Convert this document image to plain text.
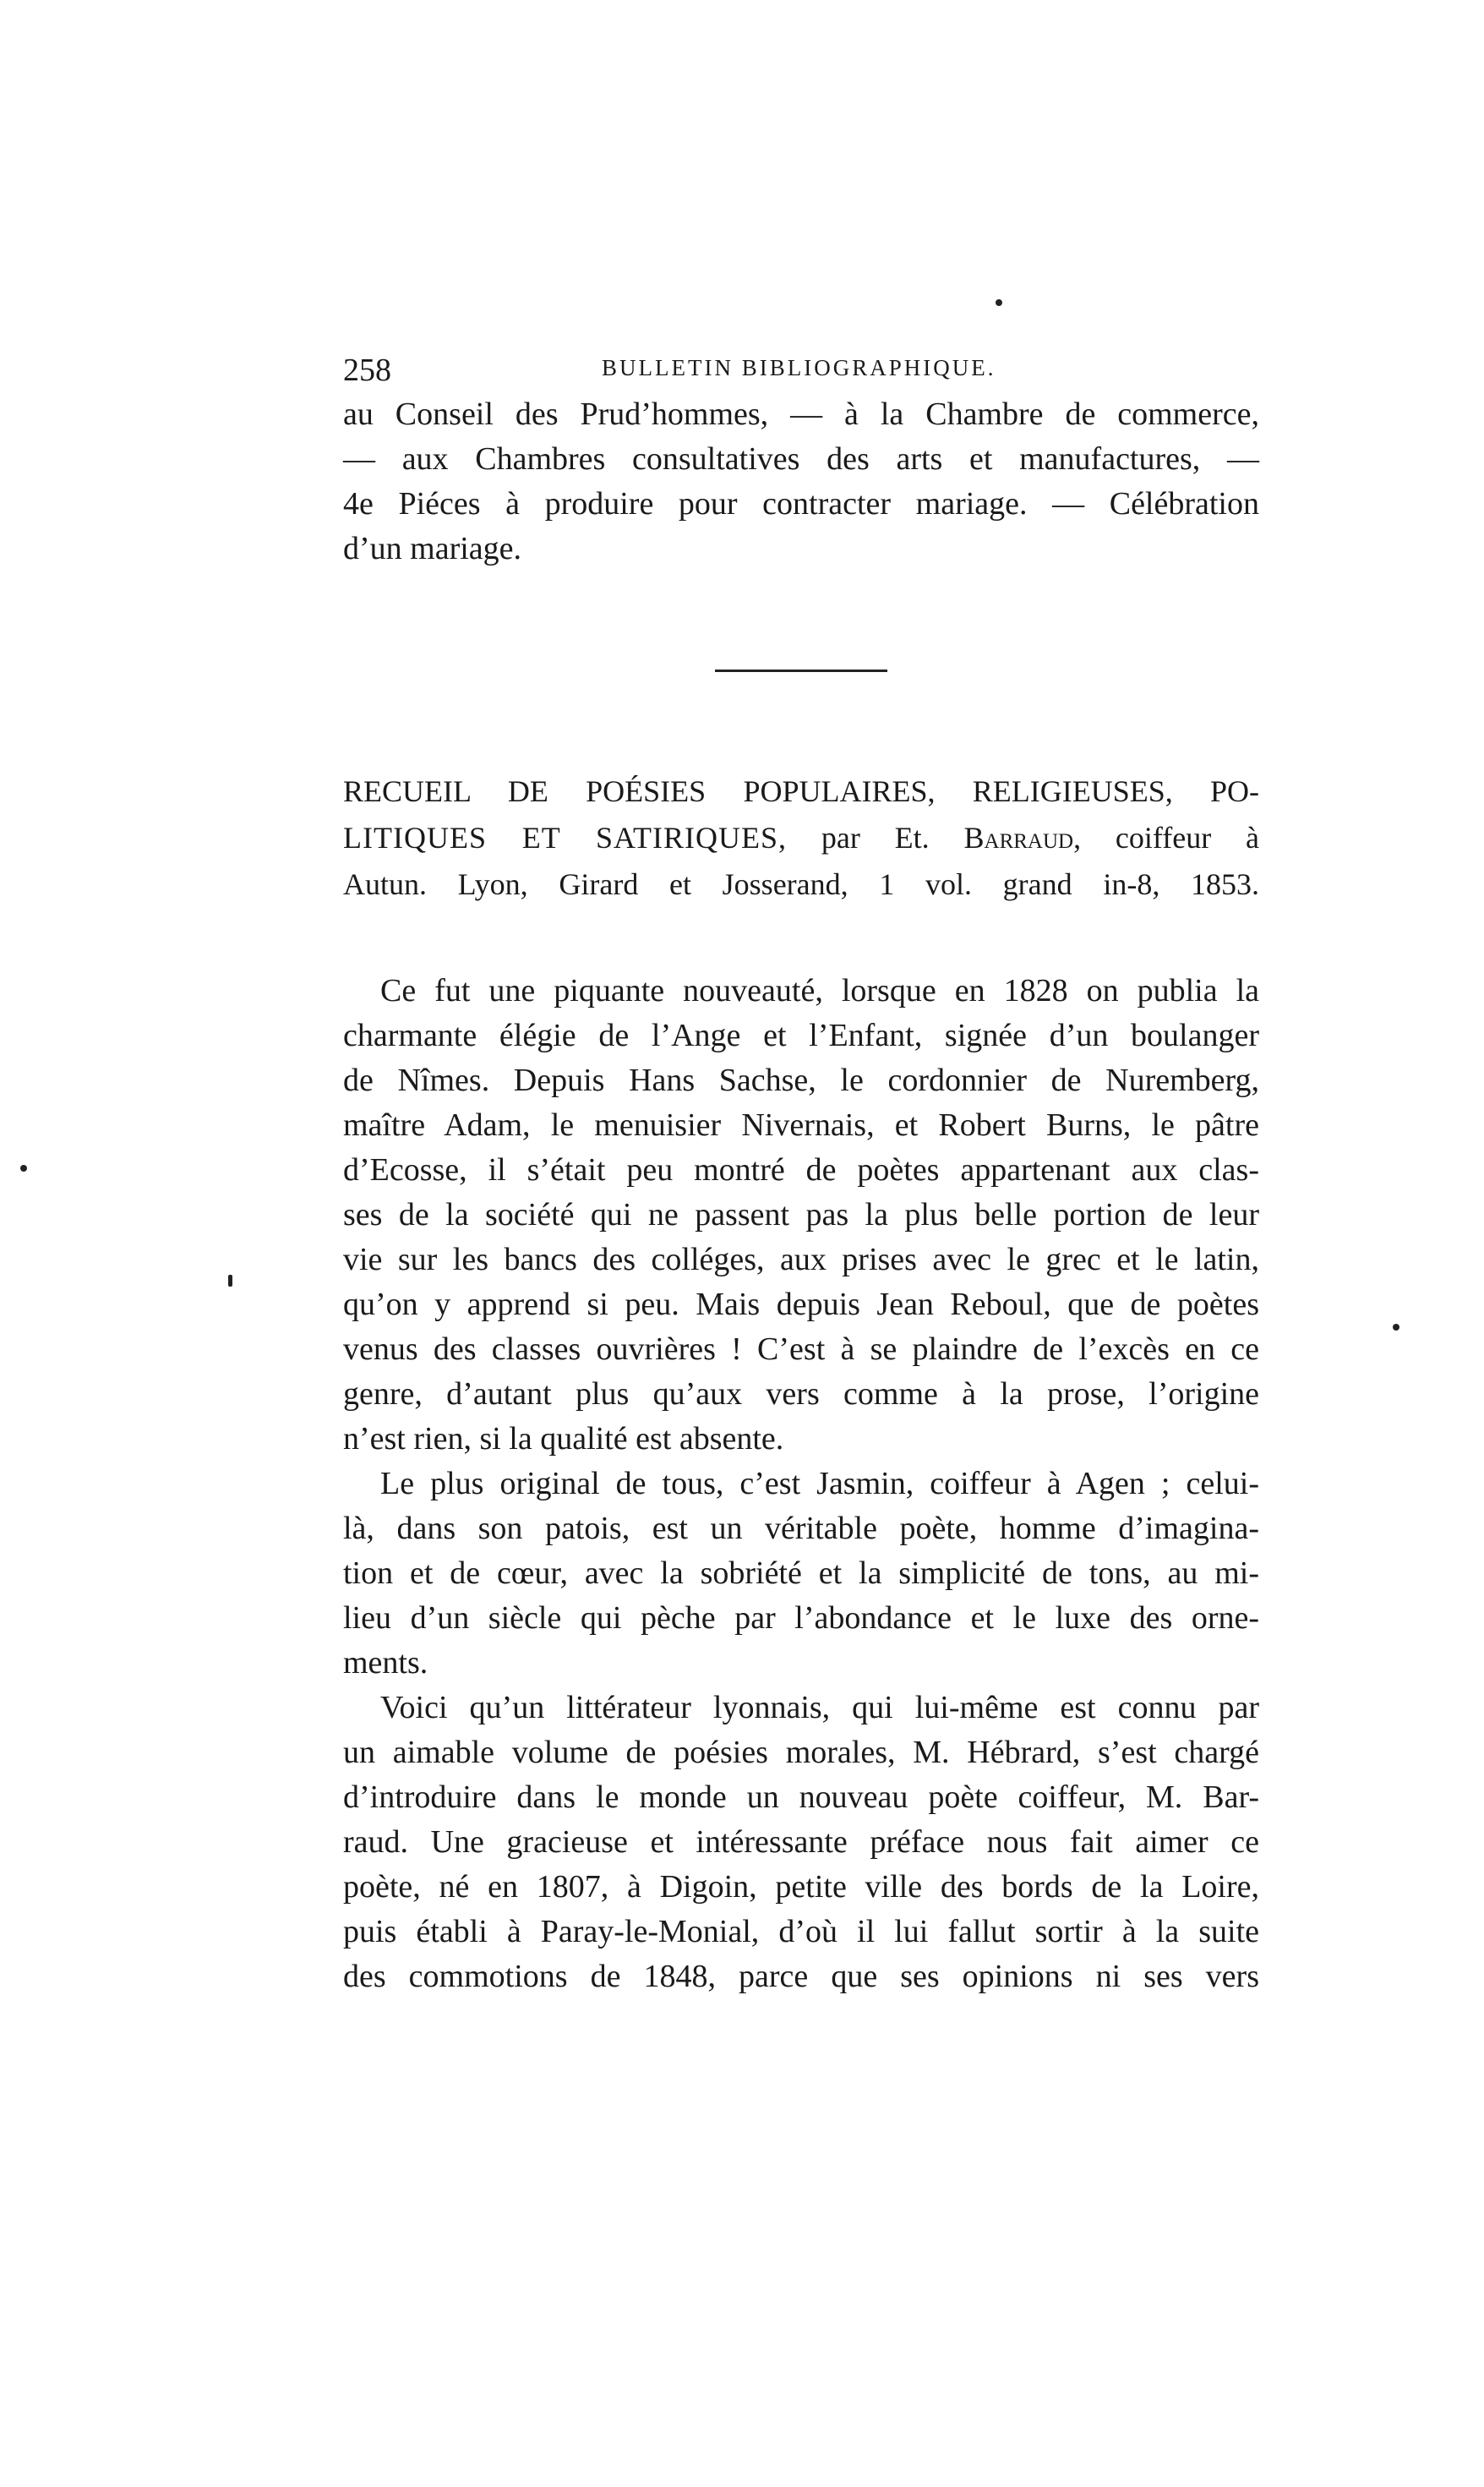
258	BULLETIN BIBLIOGRAPHIQUE.

au Conseil des Prud’hommes, — à la Chambre de commerce,

— aux Chambres consultatives des arts et manufactures, —

4e Piéces à produire pour contracter mariage. — Célébration

d’un mariage.

RECUEIL DE POÉSIES POPULAIRES, RELIGIEUSES, PO-

LITIQUES ET SATIRIQUES, par Et. Barraud, coiffeur à

Autun. Lyon, Girard et Josserand, 1 vol. grand in-8, 1853.

Ce fut une piquante nouveauté, lorsque en 1828 on publia la

charmante élégie de l’Ange et l’Enfant, signée d’un boulanger

de Nîmes. Depuis Hans Sachse, le cordonnier de Nuremberg,

maître Adam, le menuisier Nivernais, et Robert Burns, le pâtre

d’Ecosse, il s’était peu montré de poètes appartenant aux clas-

ses de la société qui ne passent pas la plus belle portion de leur

vie sur les bancs des colléges, aux prises avec le grec et le latin,

qu’on y apprend si peu. Mais depuis Jean Reboul, que de poètes

venus des classes ouvrières ! C’est à se plaindre de l’excès en ce

genre, d’autant plus qu’aux vers comme à la prose, l’origine

n’est rien, si la qualité est absente.

Le plus original de tous, c’est Jasmin, coiffeur à Agen ; celui-

là, dans son patois, est un véritable poète, homme d’imagina-

tion et de cœur, avec la sobriété et la simplicité de tons, au mi-

lieu d’un siècle qui pèche par l’abondance et le luxe des orne-

ments.

Voici qu’un littérateur lyonnais, qui lui-même est connu par

un aimable volume de poésies morales, M. Hébrard, s’est chargé

d’introduire dans le monde un nouveau poète coiffeur, M. Bar-

raud. Une gracieuse et intéressante préface nous fait aimer ce

poète, né en 1807, à Digoin, petite ville des bords de la Loire,

puis établi à Paray-le-Monial, d’où il lui fallut sortir à la suite

des commotions de 1848, parce que ses opinions ni ses vers
